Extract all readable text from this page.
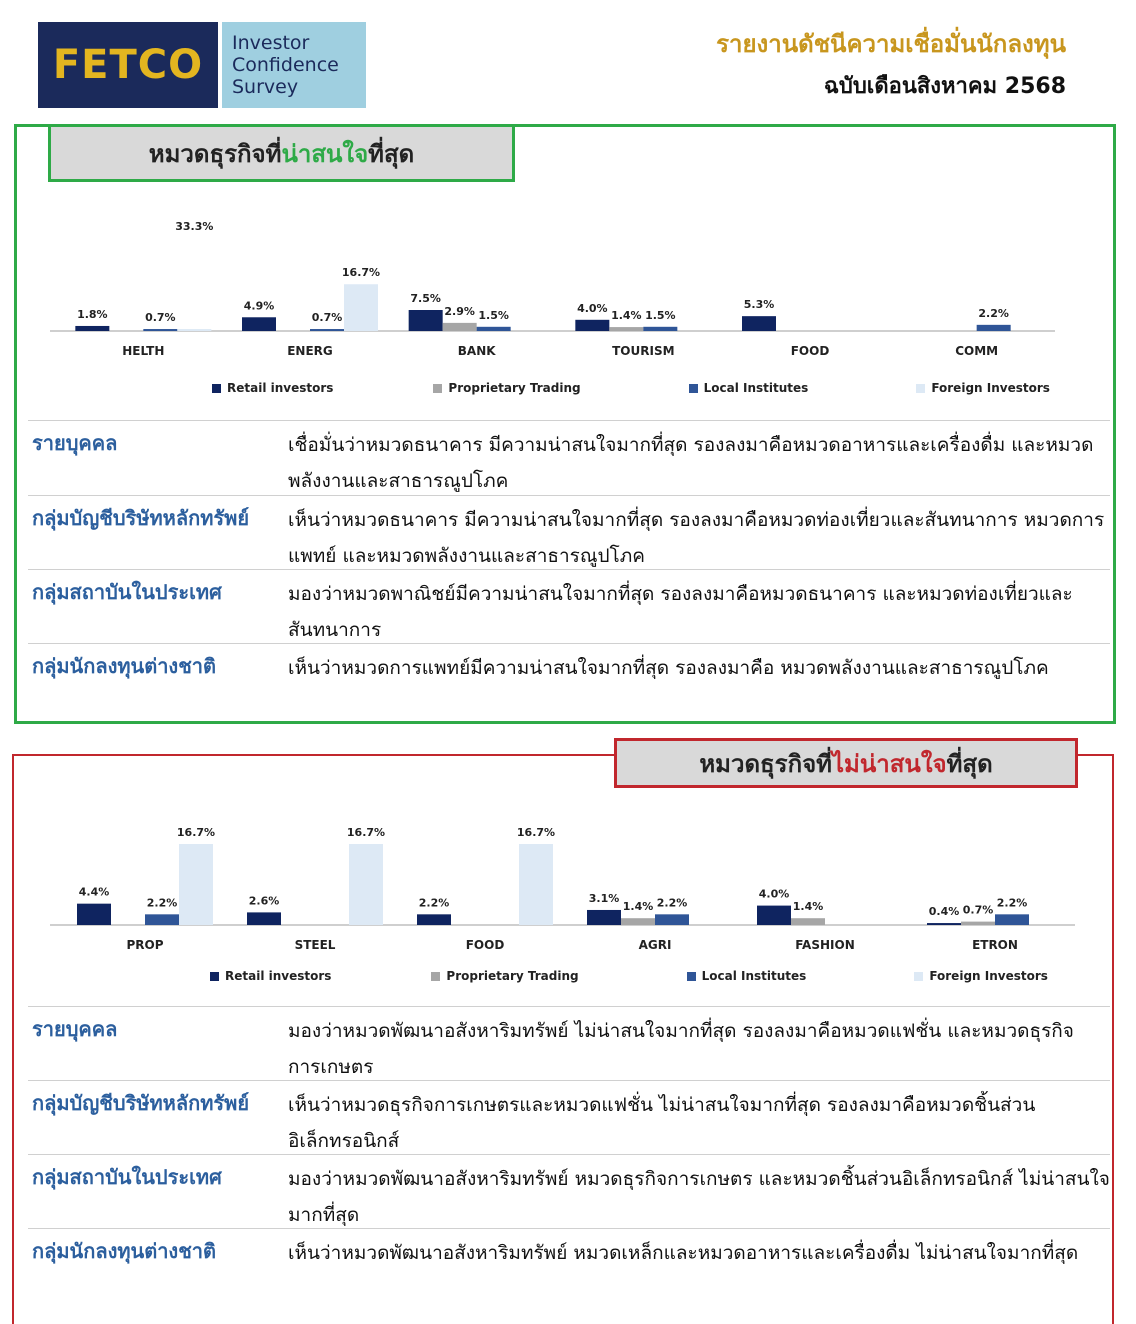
FETCO Investor
Confidence
Survey
รายงานดัชนีความเชื่อมั่นนักลงทุน
ฉบับเดือนสิงหาคม 2568
หมวดธุรกิจที่ น่าสนใจ ที่สุด
1.8%	0.7%
33.3%
HELTH
4.9%
0.7%
16.7%
ENERG
7.5%
2.9% 1.5%
BANK
4.0%
1.4% 1.5%
TOURISM
5.3%
FOOD
2.2%
COMM
Retail investors	Proprietary Trading	Local Institutes	Foreign Investors
รายบุคคล	เชื่อมั่นว่าหมวดธนาคาร มีความน่าสนใจมากที่สุด รองลงมาคือหมวดอาหารและเครื่องดื่ม และหมวดพลังงานและสาธารณูปโภค
กลุ่มบัญชีบริษัทหลักทรัพย์ เห็นว่าหมวดธนาคาร มีความน่าสนใจมากที่สุด รองลงมาคือหมวดท่องเที่ยวและสันทนาการ หมวดการแพทย์ และหมวดพลังงานและสาธารณูปโภค
กลุ่มสถาบันในประเทศ	มองว่าหมวดพาณิชย์มีความน่าสนใจมากที่สุด รองลงมาคือหมวดธนาคาร และหมวดท่องเที่ยวและสันทนาการ
กลุ่มนักลงทุนต่างชาติ	เห็นว่าหมวดการแพทย์มีความน่าสนใจมากที่สุด รองลงมาคือ หมวดพลังงานและสาธารณูปโภค
หมวดธุรกิจที่ ไม่น่าสนใจ ที่สุด
4.4%
2.2%
16.7%
PROP
2.6%
16.7%
STEEL
2.2%
16.7%
FOOD
3.1%
1.4% 2.2%
AGRI
4.0%
1.4%
FASHION
0.4% 0.7%
2.2%
ETRON
Retail investors	Proprietary Trading	Local Institutes	Foreign Investors
รายบุคคล	มองว่าหมวดพัฒนาอสังหาริมทรัพย์ ไม่น่าสนใจมากที่สุด รองลงมาคือหมวดแฟชั่น และหมวดธุรกิจการเกษตร
กลุ่มบัญชีบริษัทหลักทรัพย์ เห็นว่าหมวดธุรกิจการเกษตรและหมวดแฟชั่น ไม่น่าสนใจมากที่สุด รองลงมาคือหมวดชิ้นส่วนอิเล็กทรอนิกส์
กลุ่มสถาบันในประเทศ	มองว่าหมวดพัฒนาอสังหาริมทรัพย์ หมวดธุรกิจการเกษตร และหมวดชิ้นส่วนอิเล็กทรอนิกส์ ไม่น่าสนใจมากที่สุด
กลุ่มนักลงทุนต่างชาติ	เห็นว่าหมวดพัฒนาอสังหาริมทรัพย์ หมวดเหล็กและหมวดอาหารและเครื่องดื่ม ไม่น่าสนใจมากที่สุด
